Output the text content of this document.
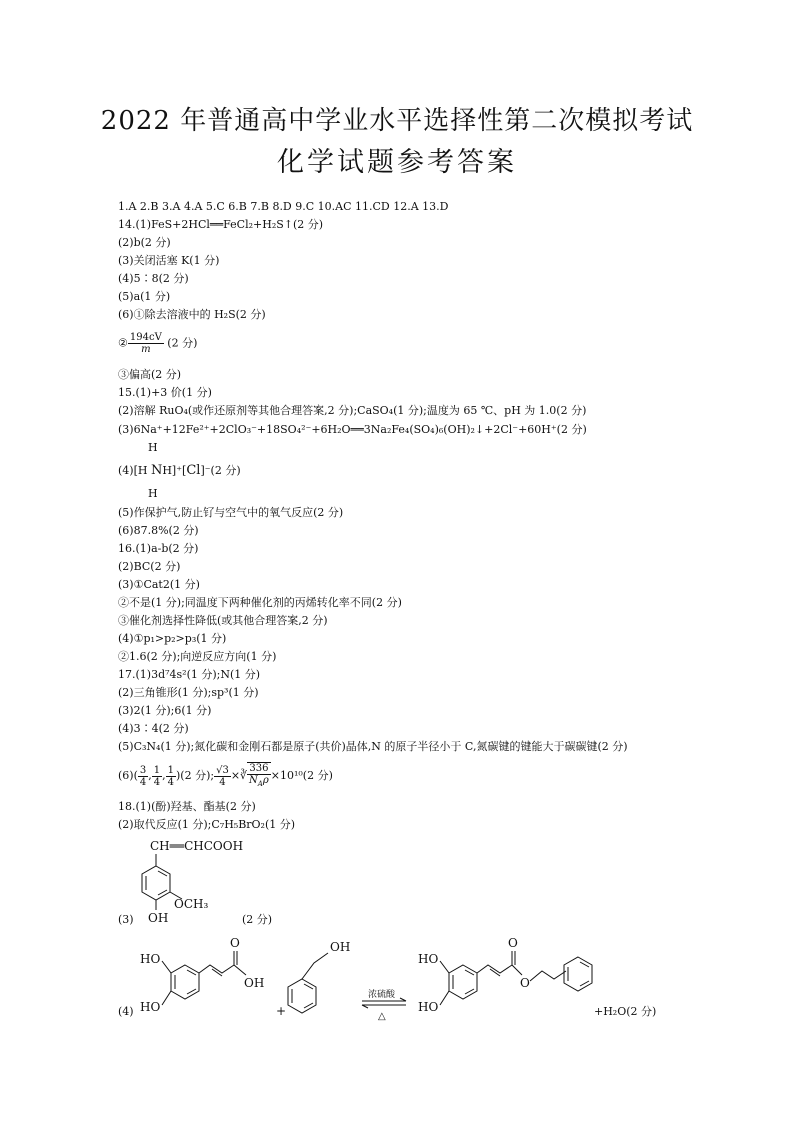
2022 年普通高中学业水平选择性第二次模拟考试
化学试题参考答案
1.A 2.B 3.A 4.A 5.C 6.B 7.B 8.D 9.C 10.AC 11.CD 12.A 13.D
14.(1)FeS+2HCl══FeCl₂+H₂S↑(2 分)
(2)b(2 分)
(3)关闭活塞 K(1 分)
(4)5∶8(2 分)
(5)a(1 分)
(6)①除去溶液中的 H₂S(2 分)
② $\frac{194cV}{m} (2$ 分)
③偏高(2 分)
15.(1)+3 价(1 分)
(2)溶解 RuO₄(或作还原剂等其他合理答案,2 分);CaSO₄(1 分);温度为 65 ℃、pH 为 1.0(2 分)
(3)6Na⁺+12Fe²⁺+2ClO₃⁻+18SO₄²⁻+6H₂O══3Na₂Fe₄(SO₄)₆(OH)₂↓+2Cl⁻+60H⁺(2 分)
H
(4)[H NH]⁺[Cl]⁻(2 分)
H
(5)作保护气,防止钌与空气中的氧气反应(2 分)
(6)87.8%(2 分)
16.(1)a-b(2 分)
(2)BC(2 分)
(3)①Cat2(1 分)
②不是(1 分);同温度下两种催化剂的丙烯转化率不同(2 分)
③催化剂选择性降低(或其他合理答案,2 分)
(4)①p₁>p₂>p₃(1 分)
②1.6(2 分);向逆反应方向(1 分)
17.(1)3d⁷4s²(1 分);N(1 分)
(2)三角锥形(1 分);sp³(1 分)
(3)2(1 分);6(1 分)
(4)3∶4(2 分)
(5)C₃N₄(1 分);氮化碳和金刚石都是原子(共价)晶体,N 的原子半径小于 C,氮碳键的键能大于碳碳键(2 分)
$(6)( \frac{3}{4}$ , $\frac{1}{4}$ , $\frac{1}{4} )(2$ 分); $\frac{√3}{4}$ ×∛ $\frac{336}{N_A\rho} \times 10^{10}(2$ 分)
18.(1)(酚)羟基、酯基(2 分)
(2)取代反应(1 分);C₇H₅BrO₂(1 分)
CH══CHCOOH
OCH₃
OH
(3)	(2 分)
HO
HO
O
OH
+
OH
浓硫酸
△
HO
HO
O
O
(4)	+H₂O(2 分)
